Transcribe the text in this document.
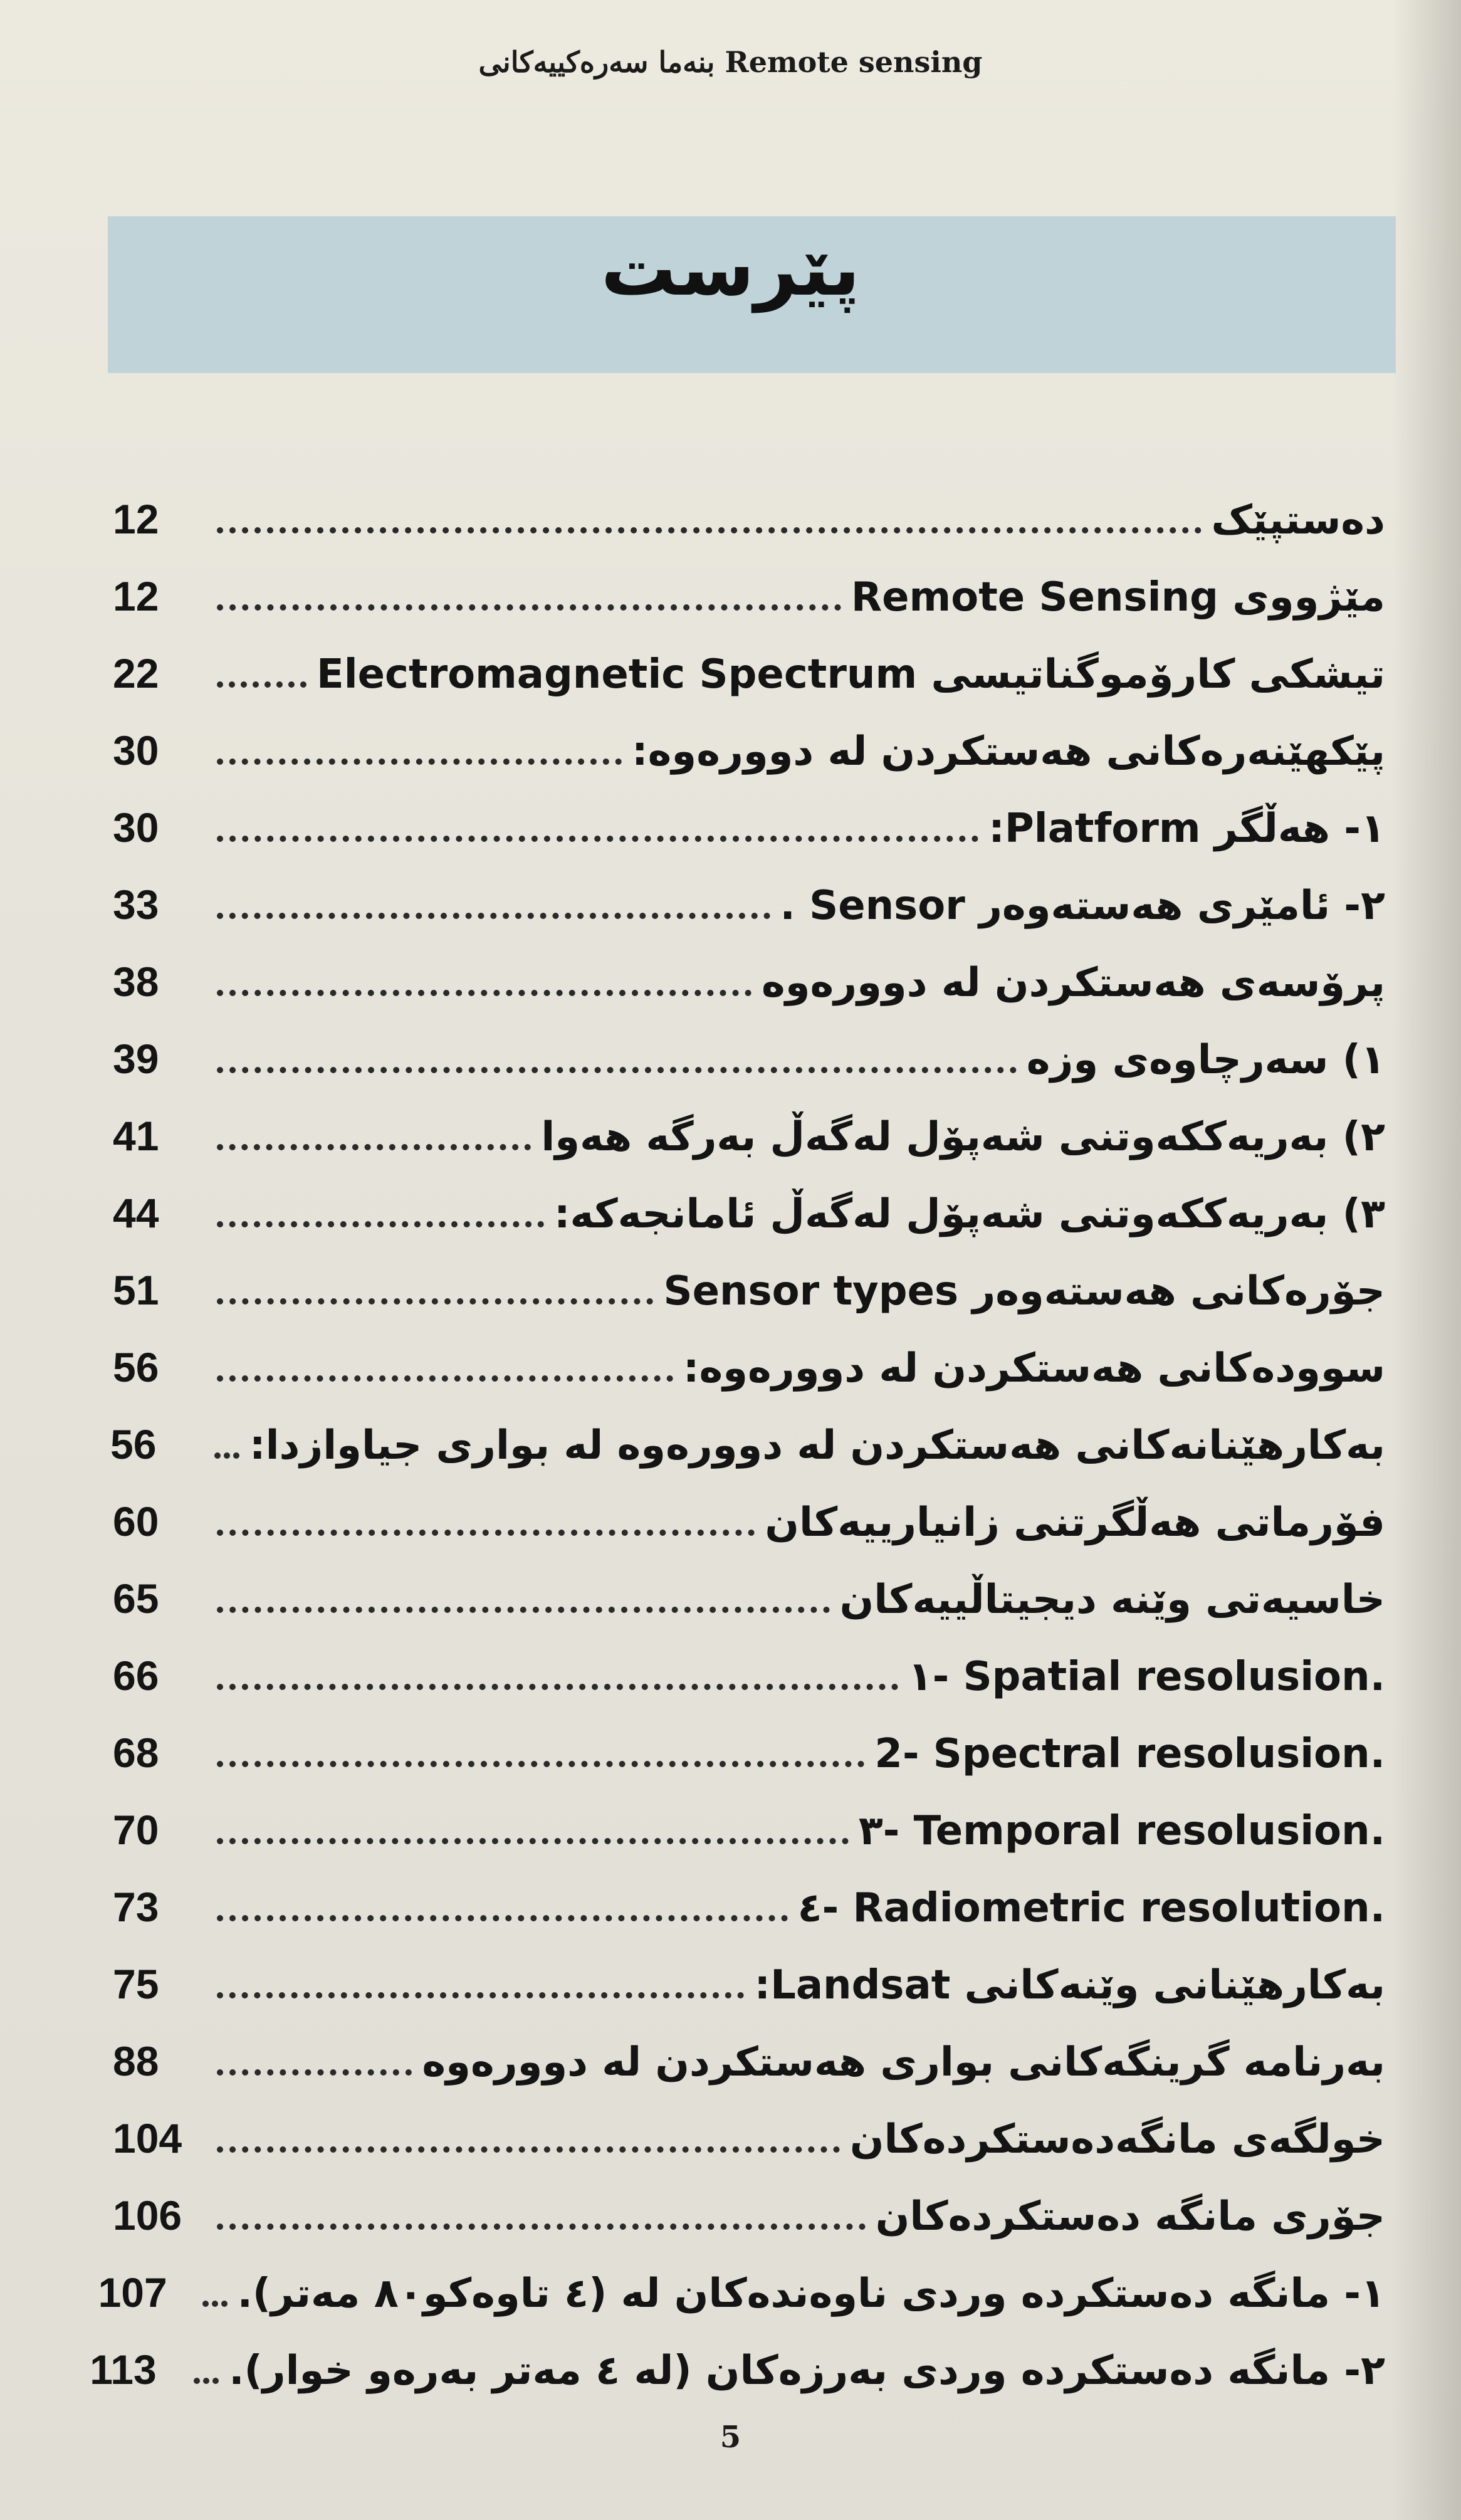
بنەما سەرەکییەکانی Remote sensing
پێرست
دەستپێک
12
مێژووی Remote Sensing
12
تیشکی کارۆموگناتیسی Electromagnetic Spectrum
22
پێکهێنەرەکانی هەستکردن لە دوورەوە:
30
١- هەڵگر Platform:
30
٢- ئامێری هەستەوەر Sensor .
33
پرۆسەی هەستکردن لە دوورەوە
38
١) سەرچاوەی وزە
39
٢) بەریەککەوتنی شەپۆل لەگەڵ بەرگە هەوا
41
٣) بەریەککەوتنی شەپۆل لەگەڵ ئامانجەکە:
44
جۆرەکانی هەستەوەر Sensor types
51
سوودەکانی هەستکردن لە دوورەوە:
56
بەکارهێنانەکانی هەستکردن لە دوورەوە لە بواری جیاوازدا:
56
فۆرماتی هەڵگرتنی زانیارییەکان
60
خاسیەتی وێنە دیجیتاڵییەکان
65
١- Spatial resolusion.
66
2- Spectral resolusion.
68
٣- Temporal resolusion.
70
٤- Radiometric resolution.
73
بەکارهێنانی وێنەکانی Landsat:
75
بەرنامە گرینگەکانی بواری هەستکردن لە دوورەوە
88
خولگەی مانگەدەستکردەکان
104
جۆری مانگە دەستکردەکان
106
١- مانگە دەستکردە وردی ناوەندەکان لە (٤ تاوەکو٨٠ مەتر).
107
٢- مانگە دەستکردە وردی بەرزەکان (لە ٤ مەتر بەرەو خوار).
113
5
